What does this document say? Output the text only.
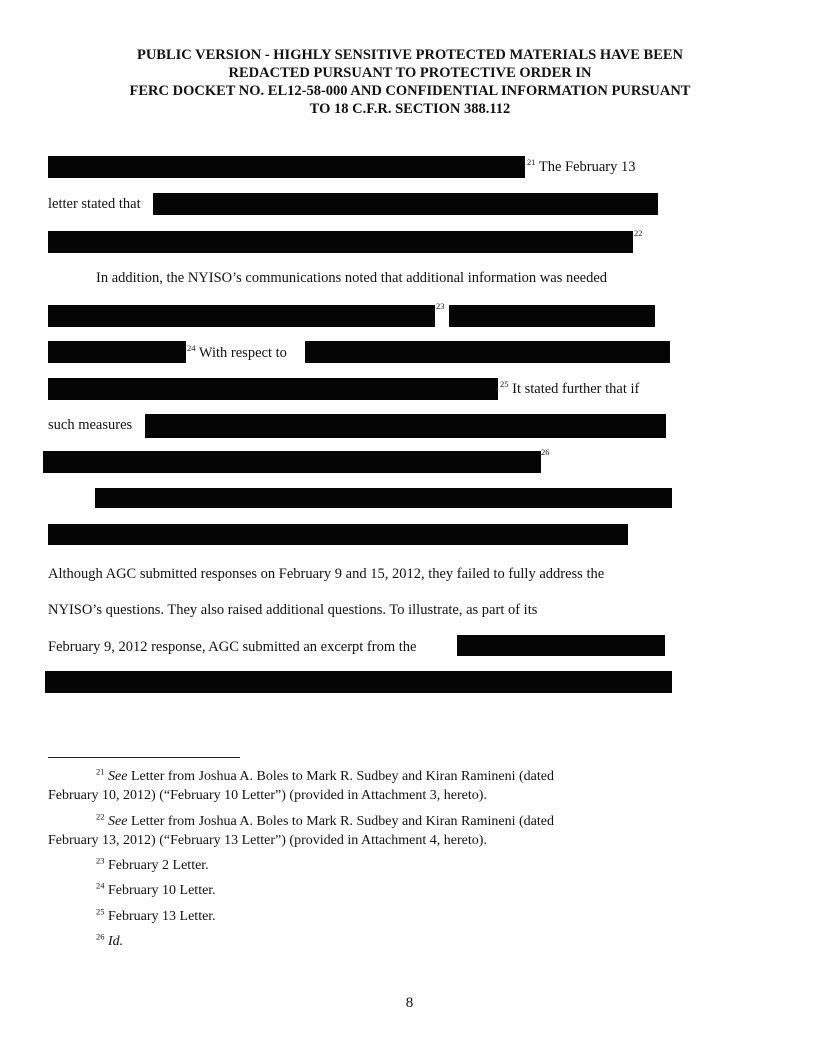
PUBLIC VERSION - HIGHLY SENSITIVE PROTECTED MATERIALS HAVE BEEN
REDACTED PURSUANT TO PROTECTIVE ORDER IN
FERC DOCKET NO. EL12-58-000 AND CONFIDENTIAL INFORMATION PURSUANT
TO 18 C.F.R. SECTION 388.112
$^{21}$ The February 13
letter stated that
$^{22}$
In addition, the NYISO’s communications noted that additional information was needed
$^{23}$
$^{24}$ With respect to
$^{25}$ It stated further that if
such measures
$^{26}$
Although AGC submitted responses on February 9 and 15, 2012, they failed to fully address the
NYISO’s questions. They also raised additional questions. To illustrate, as part of its
February 9, 2012 response, AGC submitted an excerpt from the
$^{21}$ See Letter from Joshua A. Boles to Mark R. Sudbey and Kiran Ramineni (dated
February 10, 2012) (“February 10 Letter”) (provided in Attachment 3, hereto).
$^{22}$ See Letter from Joshua A. Boles to Mark R. Sudbey and Kiran Ramineni (dated
February 13, 2012) (“February 13 Letter”) (provided in Attachment 4, hereto).
$^{23}$ February 2 Letter.
$^{24}$ February 10 Letter.
$^{25}$ February 13 Letter.
$^{26}$ Id.
8
